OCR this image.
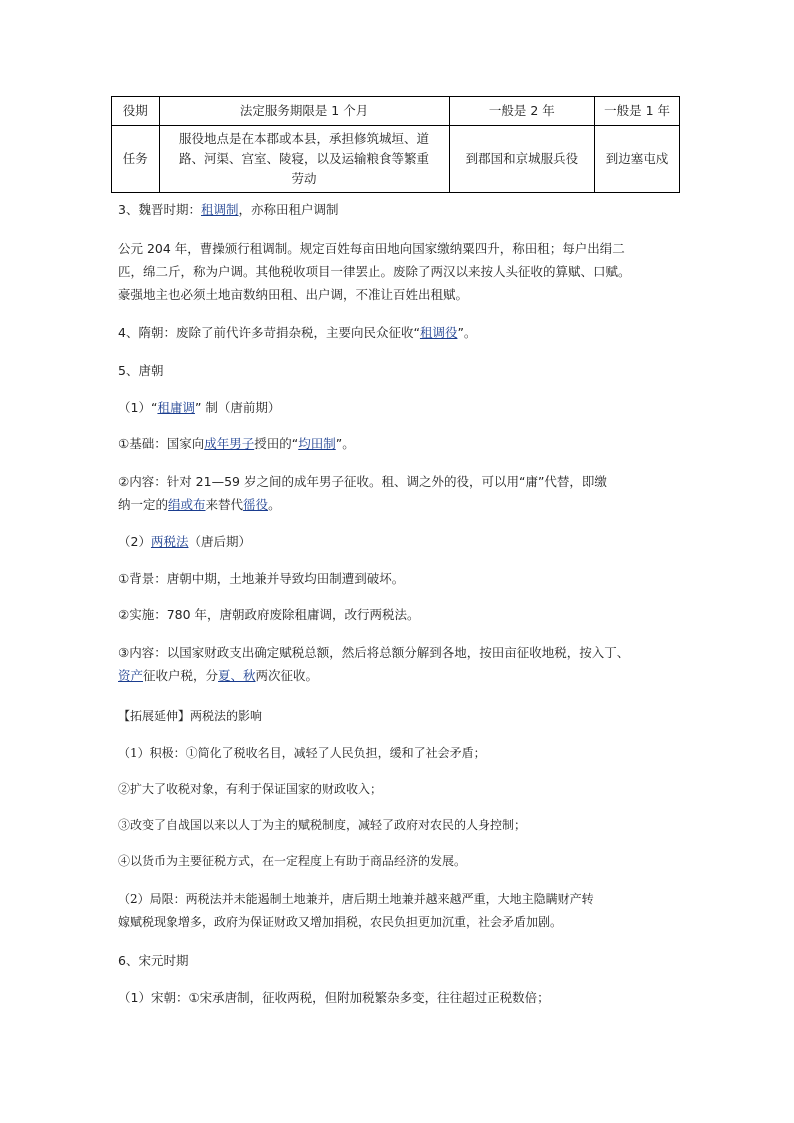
役期	法定服务期限是 1 个月	一般是 2 年	一般是 1 年
任务	服役地点是在本郡或本县，承担修筑城垣、道
路、河渠、宫室、陵寝，以及运输粮食等繁重
劳动	到郡国和京城服兵役	到边塞屯戍
3、魏晋时期：租调制，亦称田租户调制
公元 204 年，曹操颁行租调制。规定百姓每亩田地向国家缴纳粟四升，称田租；每户出绢二
匹，绵二斤，称为户调。其他税收项目一律罢止。废除了两汉以来按人头征收的算赋、口赋。
豪强地主也必须土地亩数纳田租、出户调，不准让百姓出租赋。
4、隋朝：废除了前代许多苛捐杂税，主要向民众征收“租调役”。
5、唐朝
（1）“租庸调” 制（唐前期）
①基础：国家向成年男子授田的“均田制”。
②内容：针对 21—59 岁之间的成年男子征收。租、调之外的役，可以用“庸”代替，即缴
纳一定的绢或布来替代徭役。
（2）两税法（唐后期）
①背景：唐朝中期，土地兼并导致均田制遭到破坏。
②实施：780 年，唐朝政府废除租庸调，改行两税法。
③内容：以国家财政支出确定赋税总额，然后将总额分解到各地，按田亩征收地税，按入丁、
资产征收户税，分夏、秋两次征收。
【拓展延伸】两税法的影响
（1）积极：①简化了税收名目，减轻了人民负担，缓和了社会矛盾；
②扩大了收税对象，有利于保证国家的财政收入；
③改变了自战国以来以人丁为主的赋税制度，减轻了政府对农民的人身控制；
④以货币为主要征税方式，在一定程度上有助于商品经济的发展。
（2）局限：两税法并未能遏制土地兼并，唐后期土地兼并越来越严重，大地主隐瞒财产转
嫁赋税现象增多，政府为保证财政又增加捐税，农民负担更加沉重，社会矛盾加剧。
6、宋元时期
（1）宋朝：①宋承唐制，征收两税，但附加税繁杂多变，往往超过正税数倍；
